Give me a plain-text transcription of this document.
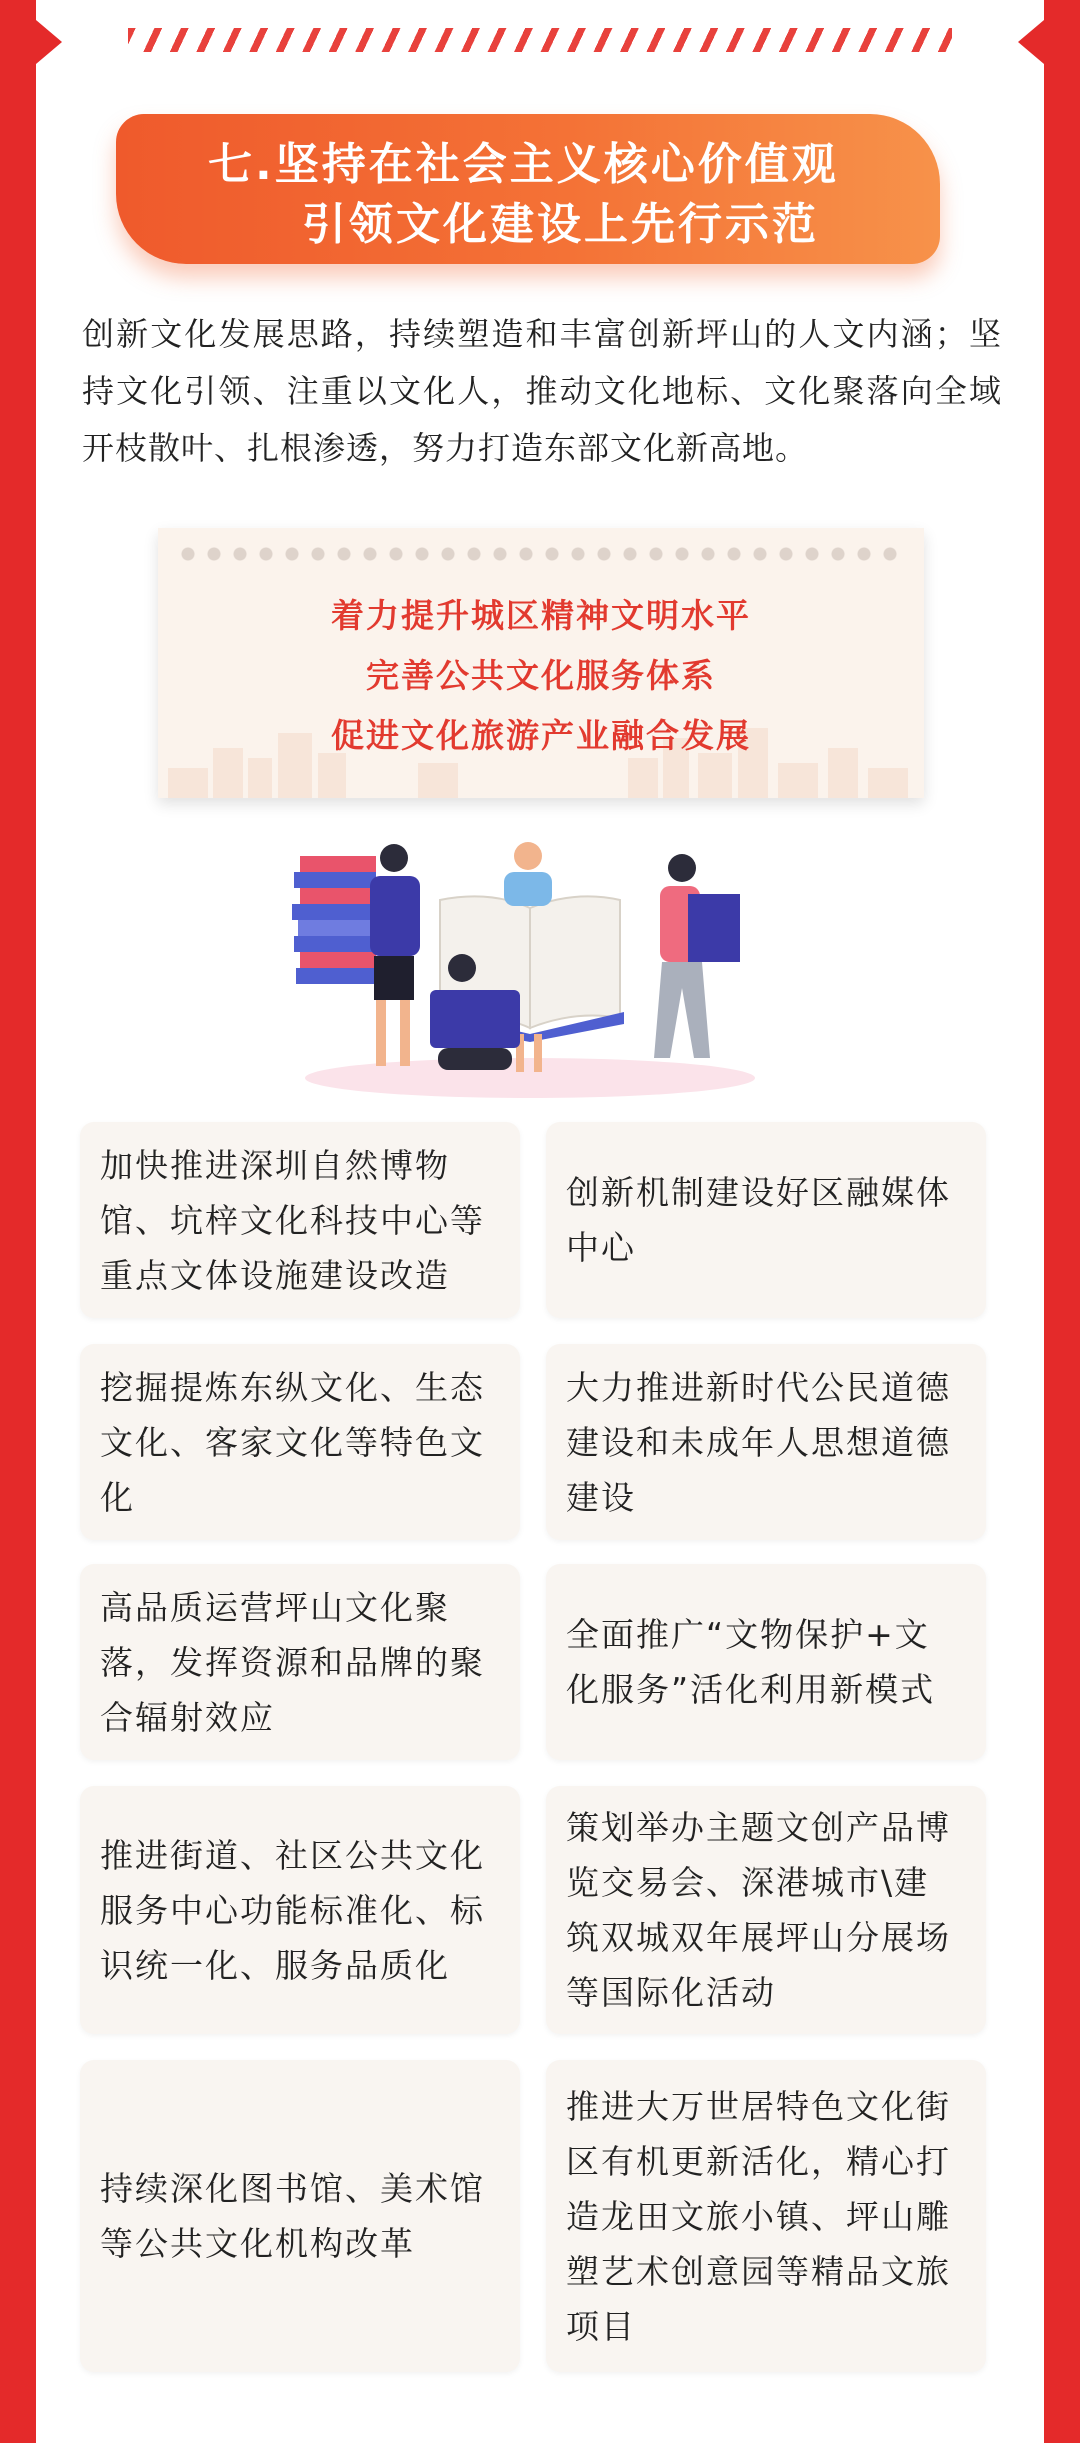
七.坚持在社会主义核心价值观
引领文化建设上先行示范

创新文化发展思路，持续塑造和丰富创新坪山的人文内涵；坚持文化引领、注重以文化人，推动文化地标、文化聚落向全域开枝散叶、扎根渗透，努力打造东部文化新高地。

着力提升城区精神文明水平
完善公共文化服务体系
促进文化旅游产业融合发展
加快推进深圳自然博物馆、坑梓文化科技中心等重点文体设施建设改造
创新机制建设好区融媒体中心
挖掘提炼东纵文化、生态文化、客家文化等特色文化
大力推进新时代公民道德建设和未成年人思想道德建设
高品质运营坪山文化聚落，发挥资源和品牌的聚合辐射效应
全面推广“文物保护+文化服务”活化利用新模式
推进街道、社区公共文化服务中心功能标准化、标识统一化、服务品质化
策划举办主题文创产品博览交易会、深港城市\建筑双城双年展坪山分展场等国际化活动
持续深化图书馆、美术馆等公共文化机构改革
推进大万世居特色文化街区有机更新活化，精心打造龙田文旅小镇、坪山雕塑艺术创意园等精品文旅项目
